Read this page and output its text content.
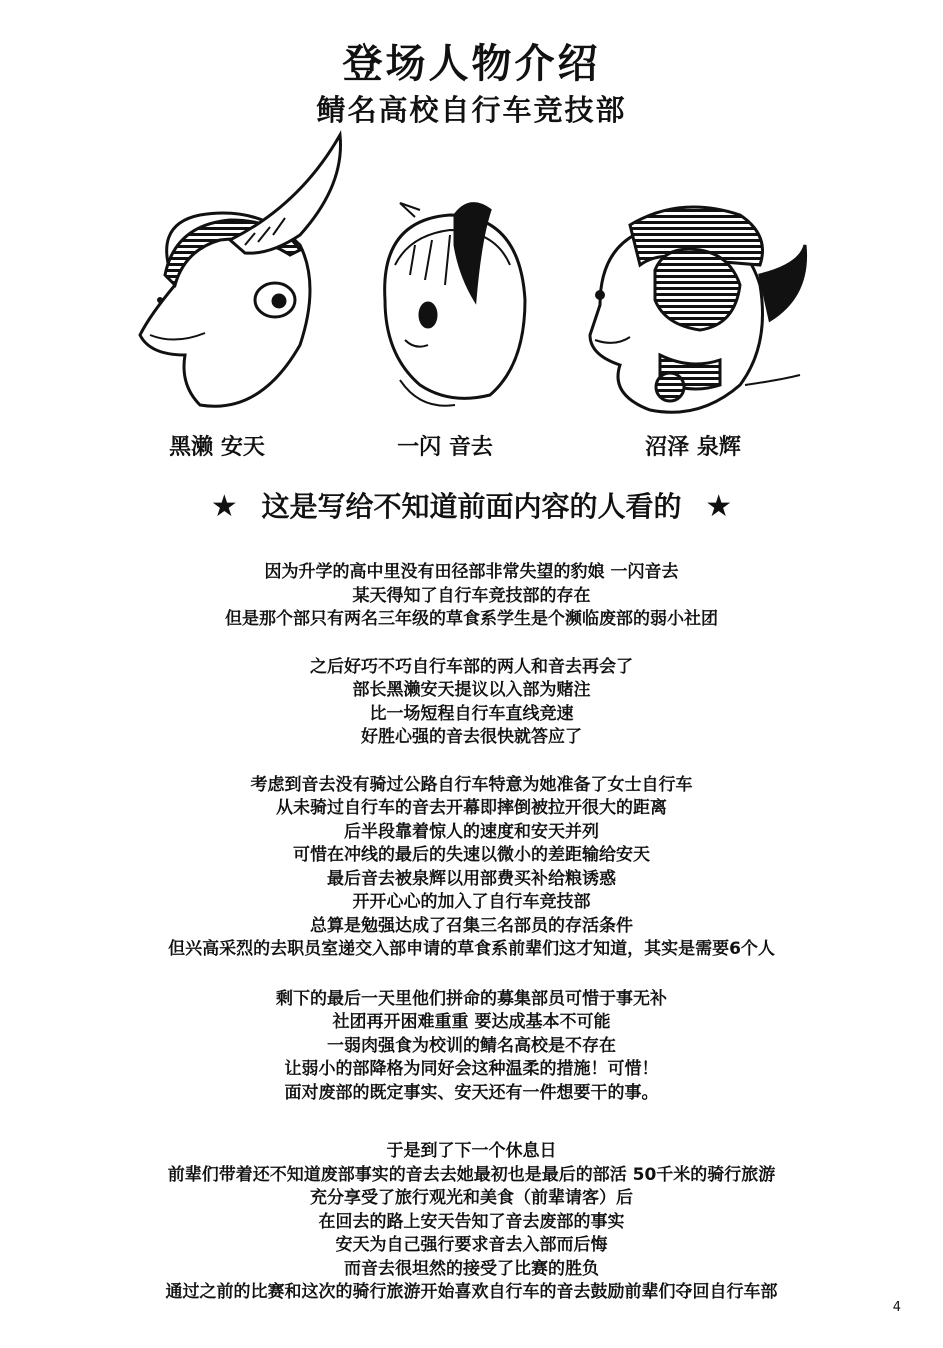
登场人物介绍
鲭名高校自行车竞技部
黑濑 安天	一闪 音去	沼泽 泉辉
★ 这是写给不知道前面内容的人看的 ★

因为升学的高中里没有田径部非常失望的豹娘 一闪音去

某天得知了自行车竞技部的存在

但是那个部只有两名三年级的草食系学生是个濒临废部的弱小社团

之后好巧不巧自行车部的两人和音去再会了

部长黑濑安天提议以入部为赌注

比一场短程自行车直线竞速

好胜心强的音去很快就答应了

考虑到音去没有骑过公路自行车特意为她准备了女士自行车

从未骑过自行车的音去开幕即摔倒被拉开很大的距离

后半段靠着惊人的速度和安天并列

可惜在冲线的最后的失速以微小的差距输给安天

最后音去被泉辉以用部费买补给粮诱惑

开开心心的加入了自行车竞技部

总算是勉强达成了召集三名部员的存活条件

但兴高采烈的去职员室递交入部申请的草食系前辈们这才知道，其实是需要6个人

剩下的最后一天里他们拼命的募集部员可惜于事无补

社团再开困难重重 要达成基本不可能

一弱肉强食为校训的鲭名高校是不存在

让弱小的部降格为同好会这种温柔的措施！可惜！

面对废部的既定事实、安天还有一件想要干的事。

于是到了下一个休息日

前辈们带着还不知道废部事实的音去去她最初也是最后的部活 50千米的骑行旅游

充分享受了旅行观光和美食（前辈请客）后

在回去的路上安天告知了音去废部的事实

安天为自己强行要求音去入部而后悔

而音去很坦然的接受了比赛的胜负

通过之前的比赛和这次的骑行旅游开始喜欢自行车的音去鼓励前辈们夺回自行车部

4
